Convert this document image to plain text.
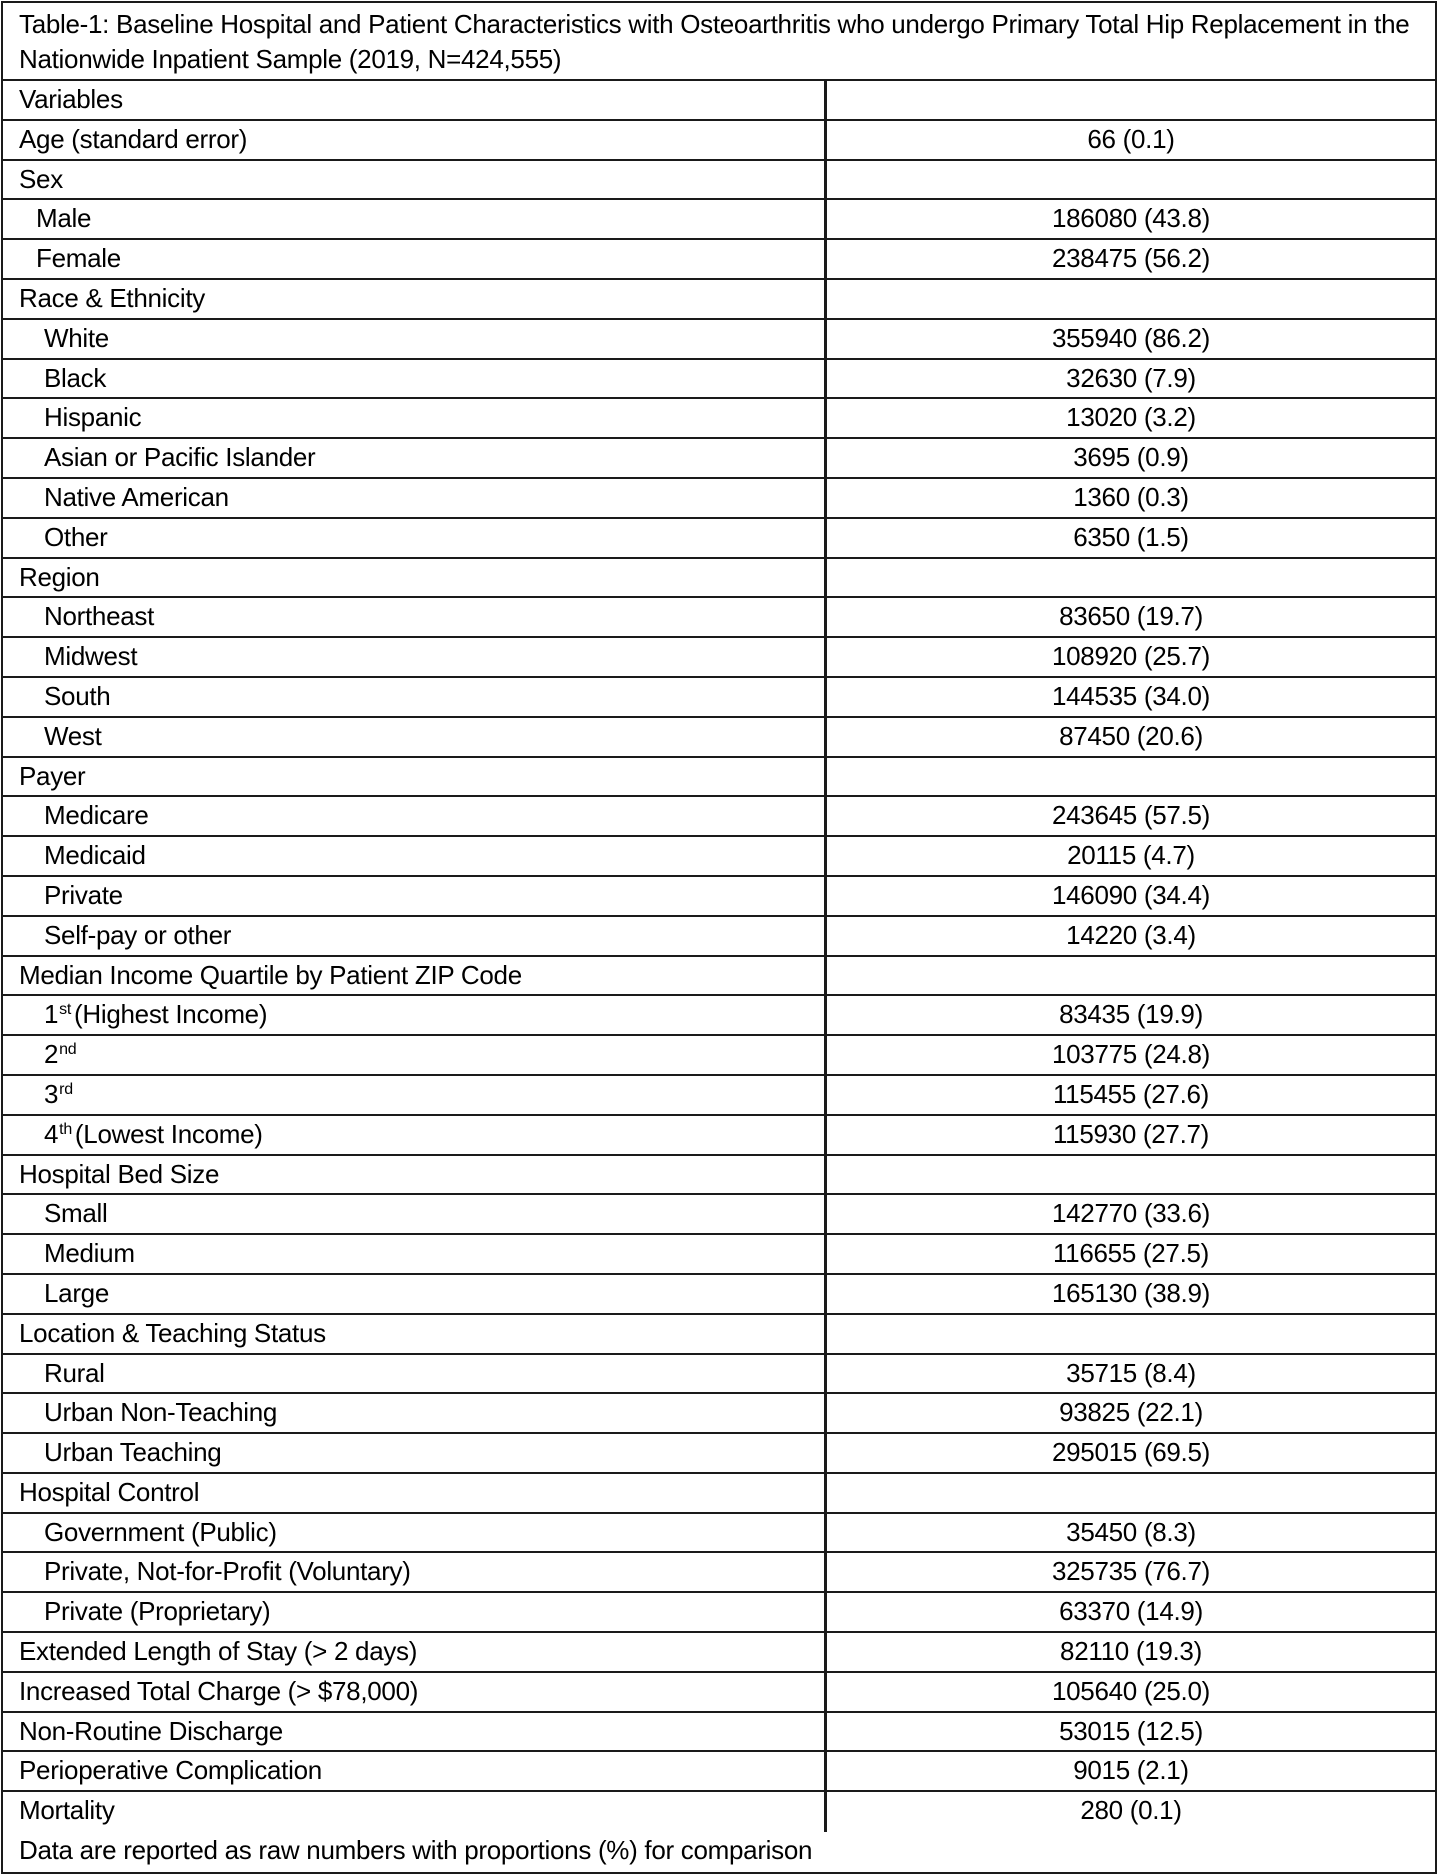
Table-1: Baseline Hospital and Patient Characteristics with Osteoarthritis who undergo Primary Total Hip Replacement in the Nationwide Inpatient Sample (2019, N=424,555)
Variables
Age (standard error)	66 (0.1)
Sex
Male	186080 (43.8)
Female	238475 (56.2)
Race & Ethnicity
White	355940 (86.2)
Black	32630 (7.9)
Hispanic	13020 (3.2)
Asian or Pacific Islander	3695 (0.9)
Native American	1360 (0.3)
Other	6350 (1.5)
Region
Northeast	83650 (19.7)
Midwest	108920 (25.7)
South	144535 (34.0)
West	87450 (20.6)
Payer
Medicare	243645 (57.5)
Medicaid	20115 (4.7)
Private	146090 (34.4)
Self-pay or other	14220 (3.4)
Median Income Quartile by Patient ZIP Code
1st (Highest Income)	83435 (19.9)
2nd	103775 (24.8)
3rd	115455 (27.6)
4th (Lowest Income)	115930 (27.7)
Hospital Bed Size
Small	142770 (33.6)
Medium	116655 (27.5)
Large	165130 (38.9)
Location & Teaching Status
Rural	35715 (8.4)
Urban Non-Teaching	93825 (22.1)
Urban Teaching	295015 (69.5)
Hospital Control
Government (Public)	35450 (8.3)
Private, Not-for-Profit (Voluntary)	325735 (76.7)
Private (Proprietary)	63370 (14.9)
Extended Length of Stay (> 2 days)	82110 (19.3)
Increased Total Charge (> $78,000)	105640 (25.0)
Non-Routine Discharge	53015 (12.5)
Perioperative Complication	9015 (2.1)
Mortality	280 (0.1)
Data are reported as raw numbers with proportions (%) for comparison
